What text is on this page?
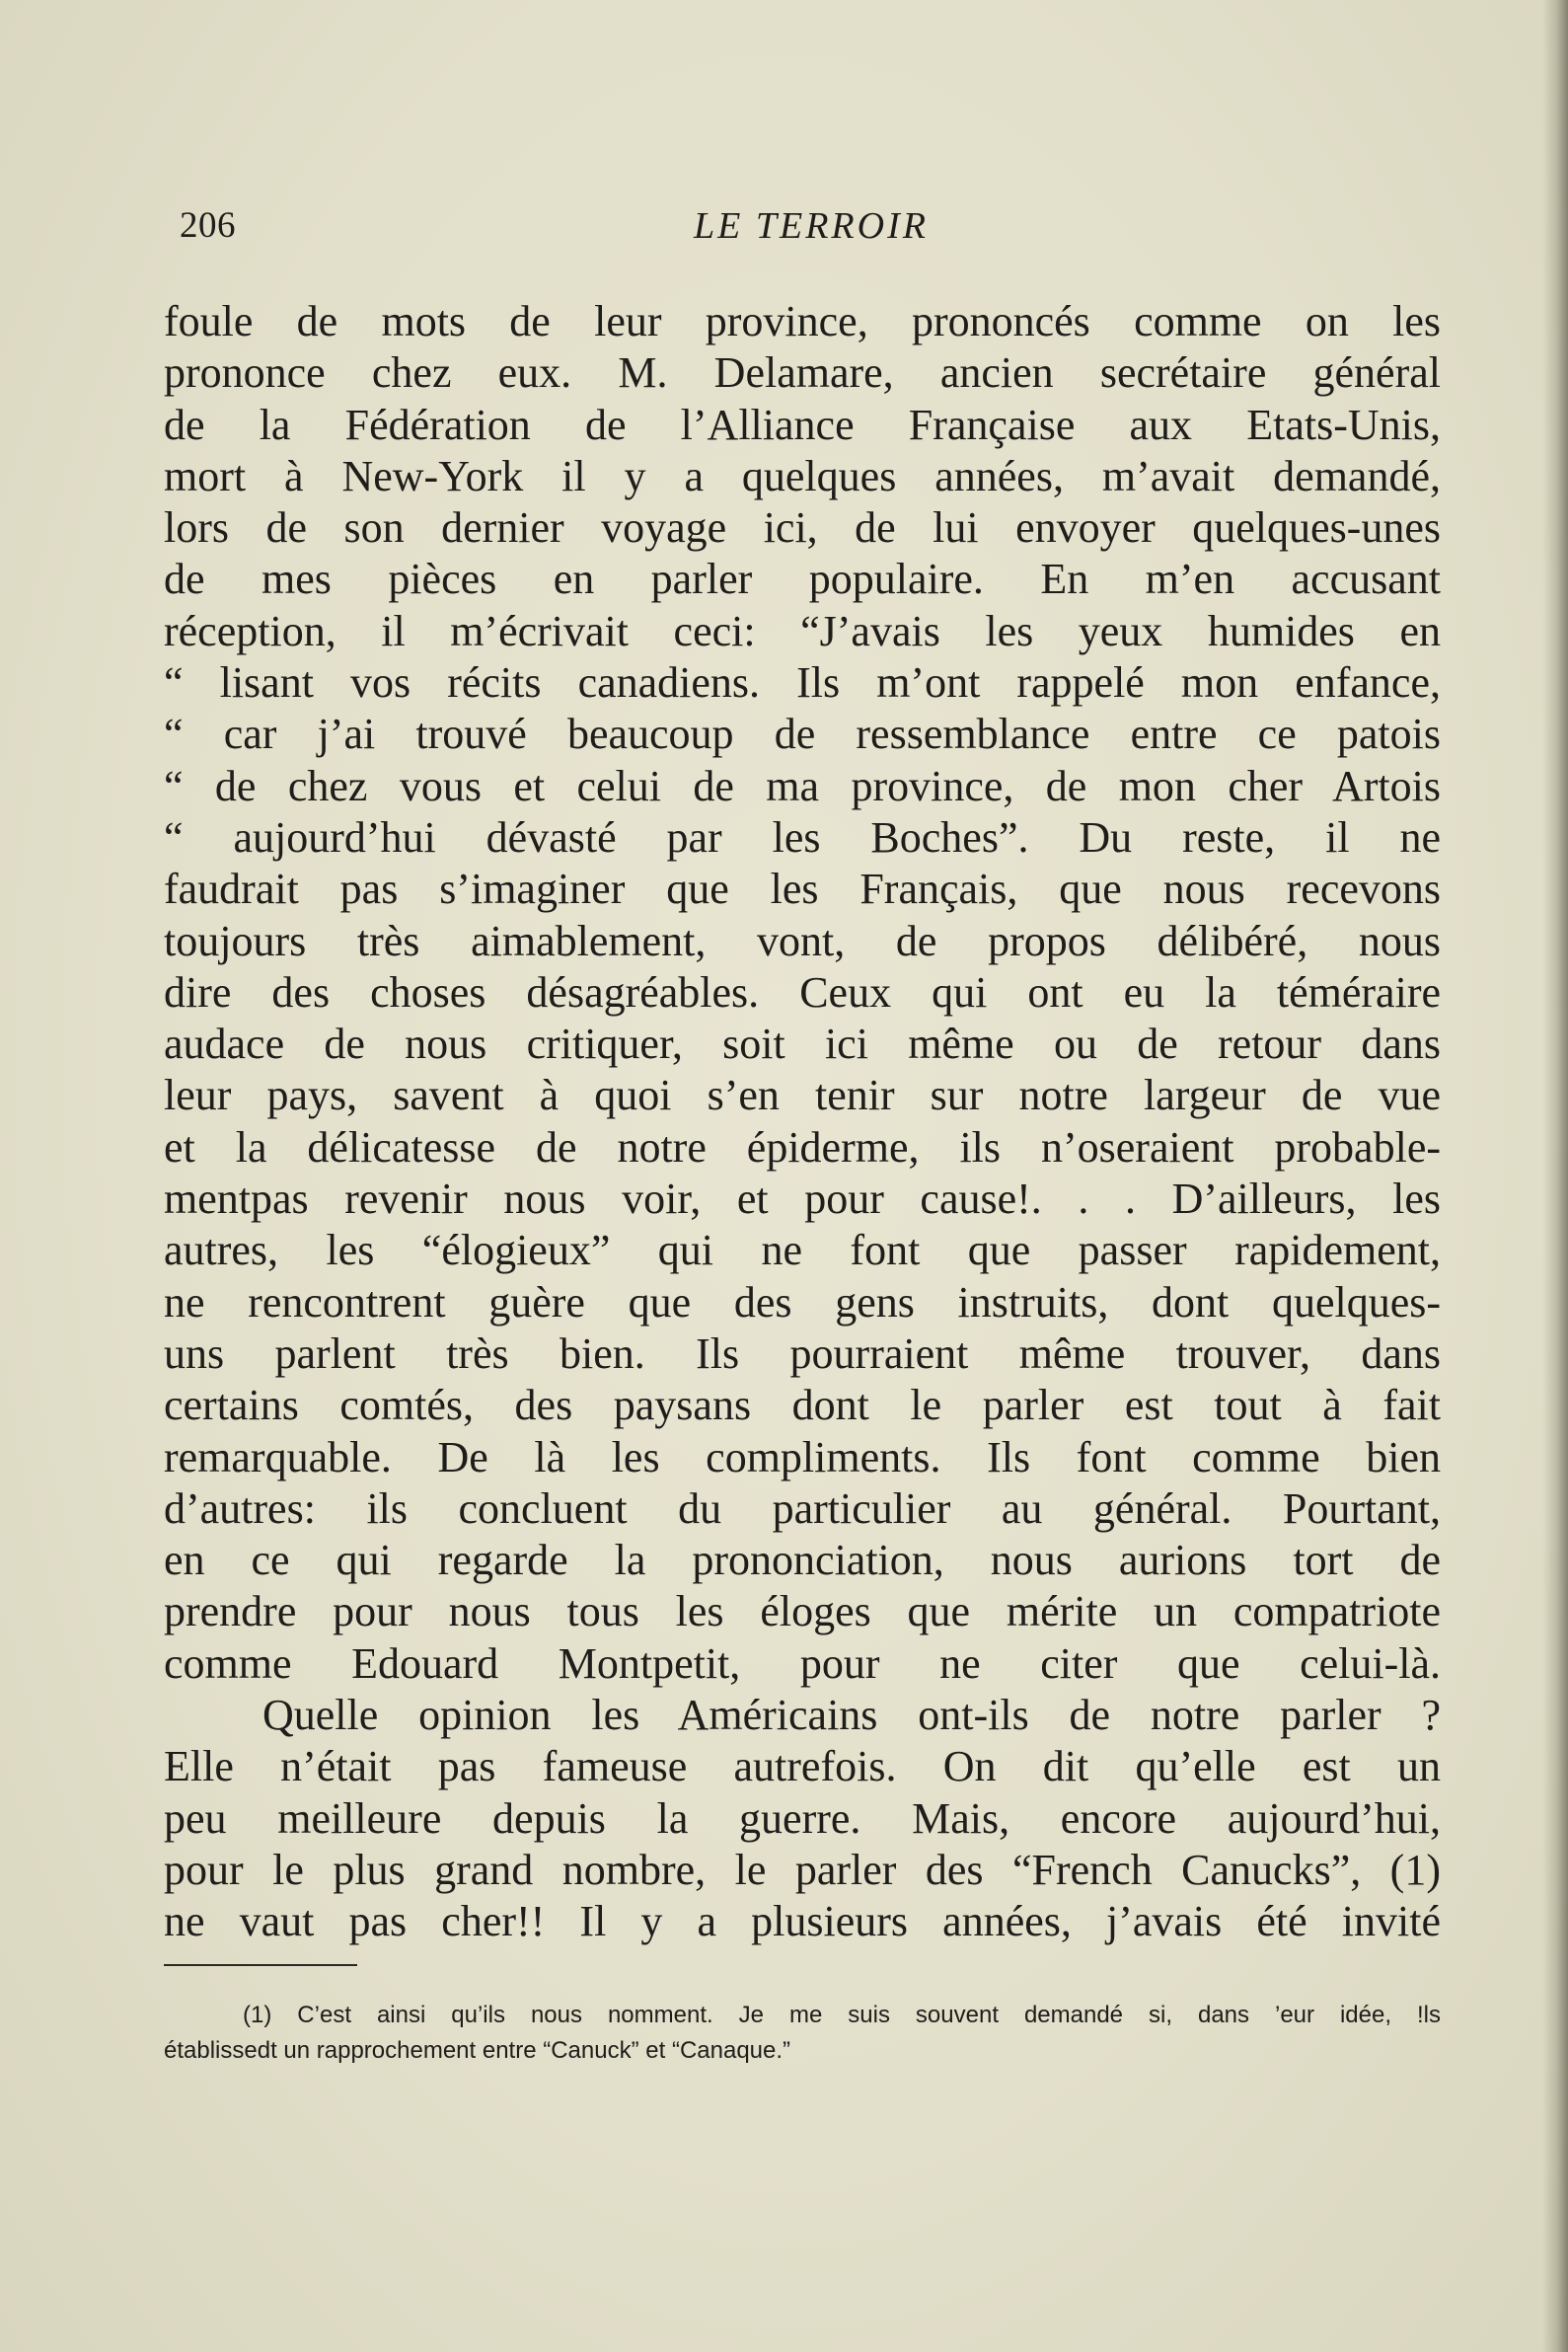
206	LE TERROIR
foule de mots de leur province, prononcés comme on les
prononce chez eux. M. Delamare, ancien secrétaire général
de la Fédération de l’Alliance Française aux Etats-Unis,
mort à New-York il y a quelques années, m’avait demandé,
lors de son dernier voyage ici, de lui envoyer quelques-unes
de mes pièces en parler populaire. En m’en accusant
réception, il m’écrivait ceci: “J’avais les yeux humides en
“ lisant vos récits canadiens. Ils m’ont rappelé mon enfance,
“ car j’ai trouvé beaucoup de ressemblance entre ce patois
“ de chez vous et celui de ma province, de mon cher Artois
“ aujourd’hui dévasté par les Boches”. Du reste, il ne
faudrait pas s’imaginer que les Français, que nous recevons
toujours très aimablement, vont, de propos délibéré, nous
dire des choses désagréables. Ceux qui ont eu la téméraire
audace de nous critiquer, soit ici même ou de retour dans
leur pays, savent à quoi s’en tenir sur notre largeur de vue
et la délicatesse de notre épiderme, ils n’oseraient probable-
mentpas revenir nous voir, et pour cause!. . . D’ailleurs, les
autres, les “élogieux” qui ne font que passer rapidement,
ne rencontrent guère que des gens instruits, dont quelques-
uns parlent très bien. Ils pourraient même trouver, dans
certains comtés, des paysans dont le parler est tout à fait
remarquable. De là les compliments. Ils font comme bien
d’autres: ils concluent du particulier au général. Pourtant,
en ce qui regarde la prononciation, nous aurions tort de
prendre pour nous tous les éloges que mérite un compatriote
comme Edouard Montpetit, pour ne citer que celui-là.
Quelle opinion les Américains ont-ils de notre parler ?
Elle n’était pas fameuse autrefois. On dit qu’elle est un
peu meilleure depuis la guerre. Mais, encore aujourd’hui,
pour le plus grand nombre, le parler des “French Canucks”, (1)
ne vaut pas cher!! Il y a plusieurs années, j’avais été invité
(1) C’est ainsi qu’ils nous nomment. Je me suis souvent demandé si, dans ’eur idée, !ls
établissedt un rapprochement entre “Canuck” et “Canaque.”
